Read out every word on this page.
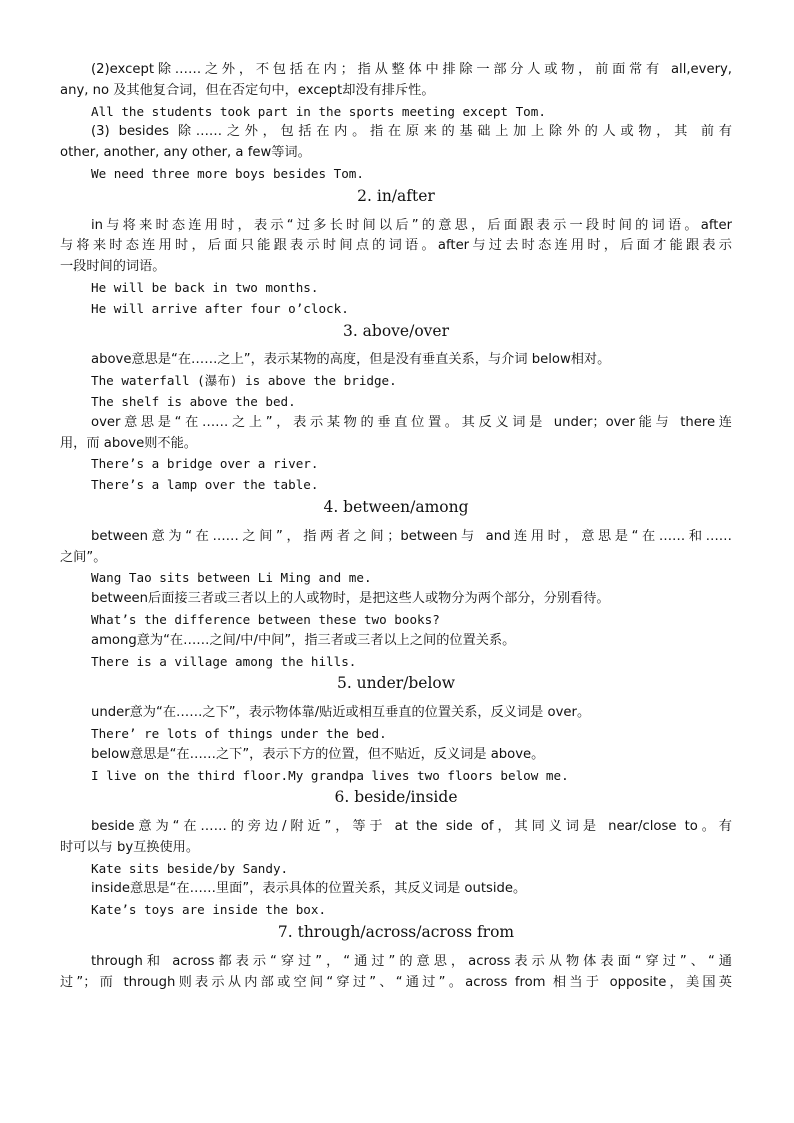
(2)except除……之外，不包括在内；指从整体中排除一部分人或物，前面常有 all,every,
any, no 及其他复合词，但在否定句中，except却没有排斥性。
All the students took part in the sports meeting except Tom.
(3) besides 除……之外，包括在内。指在原来的基础上加上除外的人或物，其 前有
other, another, any other, a few等词。
We need three more boys besides Tom.
2. in/after
in与将来时态连用时，表示“过多长时间以后”的意思，后面跟表示一段时间的词语。after
与将来时态连用时，后面只能跟表示时间点的词语。after与过去时态连用时，后面才能跟表示
一段时间的词语。
He will be back in two months.
He will arrive after four o’clock.
3. above/over
above意思是“在……之上”，表示某物的高度，但是没有垂直关系，与介词 below相对。
The waterfall (瀑布) is above the bridge.
The shelf is above the bed.
over意思是“在……之上”，表示某物的垂直位置。其反义词是 under；over能与 there连
用，而 above则不能。
There’s a bridge over a river.
There’s a lamp over the table.
4. between/among
between意为“在……之间”，指两者之间；between与 and连用时，意思是“在……和……
之间”。
Wang Tao sits between Li Ming and me.
between后面接三者或三者以上的人或物时，是把这些人或物分为两个部分，分别看待。
What’s the difference between these two books?
among意为“在……之间/中/中间”，指三者或三者以上之间的位置关系。
There is a village among the hills.
5. under/below
under意为“在……之下”，表示物体靠/贴近或相互垂直的位置关系，反义词是 over。
There’ re lots of things under the bed.
below意思是“在……之下”，表示下方的位置，但不贴近，反义词是 above。
I live on the third floor.My grandpa lives two floors below me.
6. beside/inside
beside意为“在……的旁边/附近”，等于 at the side of，其同义词是 near/close to。有
时可以与 by互换使用。
Kate sits beside/by Sandy.
inside意思是“在……里面”，表示具体的位置关系，其反义词是 outside。
Kate’s toys are inside the box.
7. through/across/across from
through和 across都表示“穿过”，“通过”的意思，across表示从物体表面“穿过”、“通
过”；而 through则表示从内部或空间“穿过”、“通过”。across from 相当于 opposite，美国英
